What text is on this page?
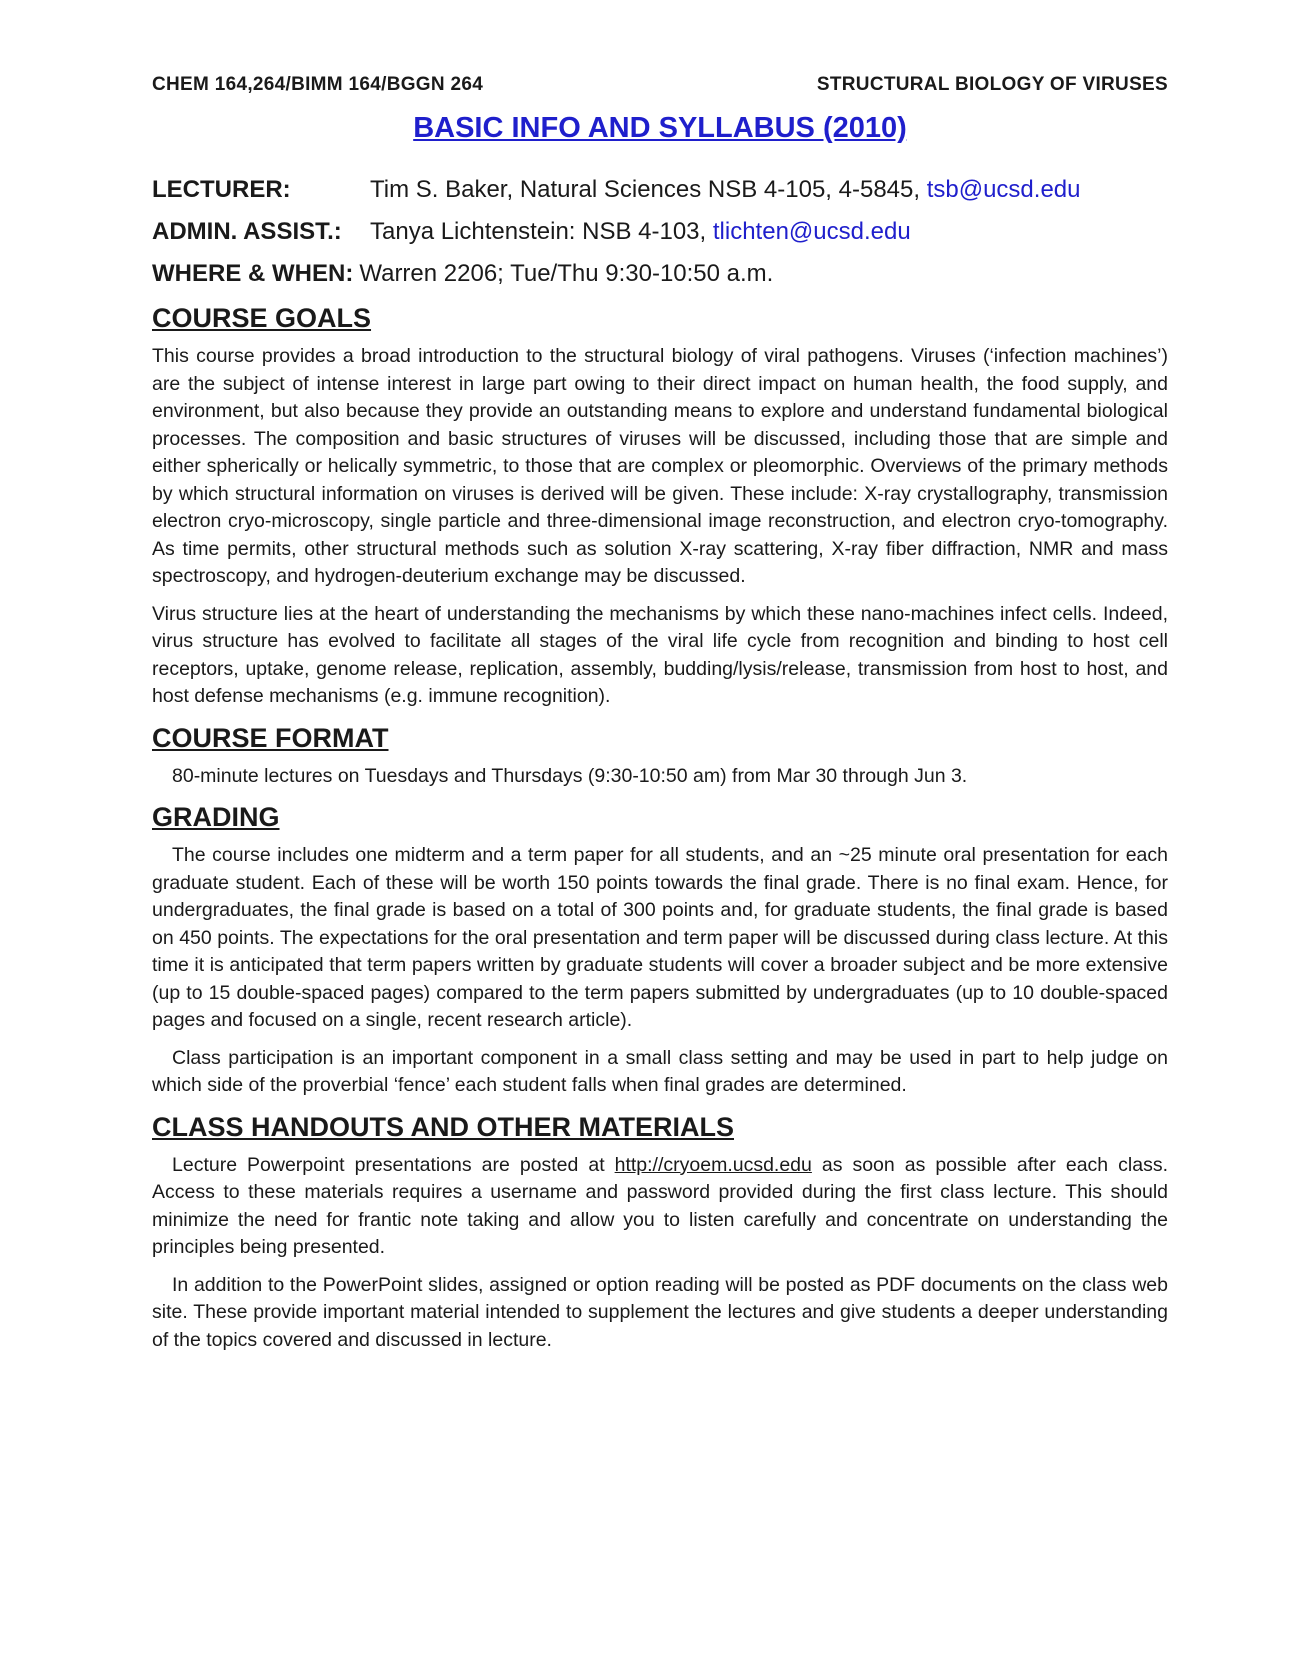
CHEM 164,264/BIMM 164/BGGN 264	STRUCTURAL BIOLOGY OF VIRUSES
BASIC INFO AND SYLLABUS (2010)
LECTURER:	Tim S. Baker, Natural Sciences NSB 4-105, 4-5845, tsb@ucsd.edu
ADMIN. ASSIST.:	Tanya Lichtenstein: NSB 4-103, tlichten@ucsd.edu
WHERE & WHEN: Warren 2206; Tue/Thu 9:30-10:50 a.m.
COURSE GOALS

This course provides a broad introduction to the structural biology of viral pathogens. Viruses (‘infection machines’) are the subject of intense interest in large part owing to their direct impact on human health, the food supply, and environment, but also because they provide an outstanding means to explore and understand fundamental biological processes. The composition and basic structures of viruses will be discussed, including those that are simple and either spherically or helically symmetric, to those that are complex or pleomorphic. Overviews of the primary methods by which structural information on viruses is derived will be given. These include: X-ray crystallography, transmission electron cryo-microscopy, single particle and three-dimensional image reconstruction, and electron cryo-tomography. As time permits, other structural methods such as solution X-ray scattering, X-ray fiber diffraction, NMR and mass spectroscopy, and hydrogen-deuterium exchange may be discussed.

Virus structure lies at the heart of understanding the mechanisms by which these nano-machines infect cells. Indeed, virus structure has evolved to facilitate all stages of the viral life cycle from recognition and binding to host cell receptors, uptake, genome release, replication, assembly, budding/lysis/release, transmission from host to host, and host defense mechanisms (e.g. immune recognition).

COURSE FORMAT

80-minute lectures on Tuesdays and Thursdays (9:30-10:50 am) from Mar 30 through Jun 3.

GRADING

The course includes one midterm and a term paper for all students, and an ~25 minute oral presentation for each graduate student. Each of these will be worth 150 points towards the final grade. There is no final exam. Hence, for undergraduates, the final grade is based on a total of 300 points and, for graduate students, the final grade is based on 450 points. The expectations for the oral presentation and term paper will be discussed during class lecture. At this time it is anticipated that term papers written by graduate students will cover a broader subject and be more extensive (up to 15 double-spaced pages) compared to the term papers submitted by undergraduates (up to 10 double-spaced pages and focused on a single, recent research article).

Class participation is an important component in a small class setting and may be used in part to help judge on which side of the proverbial ‘fence’ each student falls when final grades are determined.

CLASS HANDOUTS AND OTHER MATERIALS

Lecture Powerpoint presentations are posted at http://cryoem.ucsd.edu as soon as possible after each class. Access to these materials requires a username and password provided during the first class lecture. This should minimize the need for frantic note taking and allow you to listen carefully and concentrate on understanding the principles being presented.

In addition to the PowerPoint slides, assigned or option reading will be posted as PDF documents on the class web site. These provide important material intended to supplement the lectures and give students a deeper understanding of the topics covered and discussed in lecture.
